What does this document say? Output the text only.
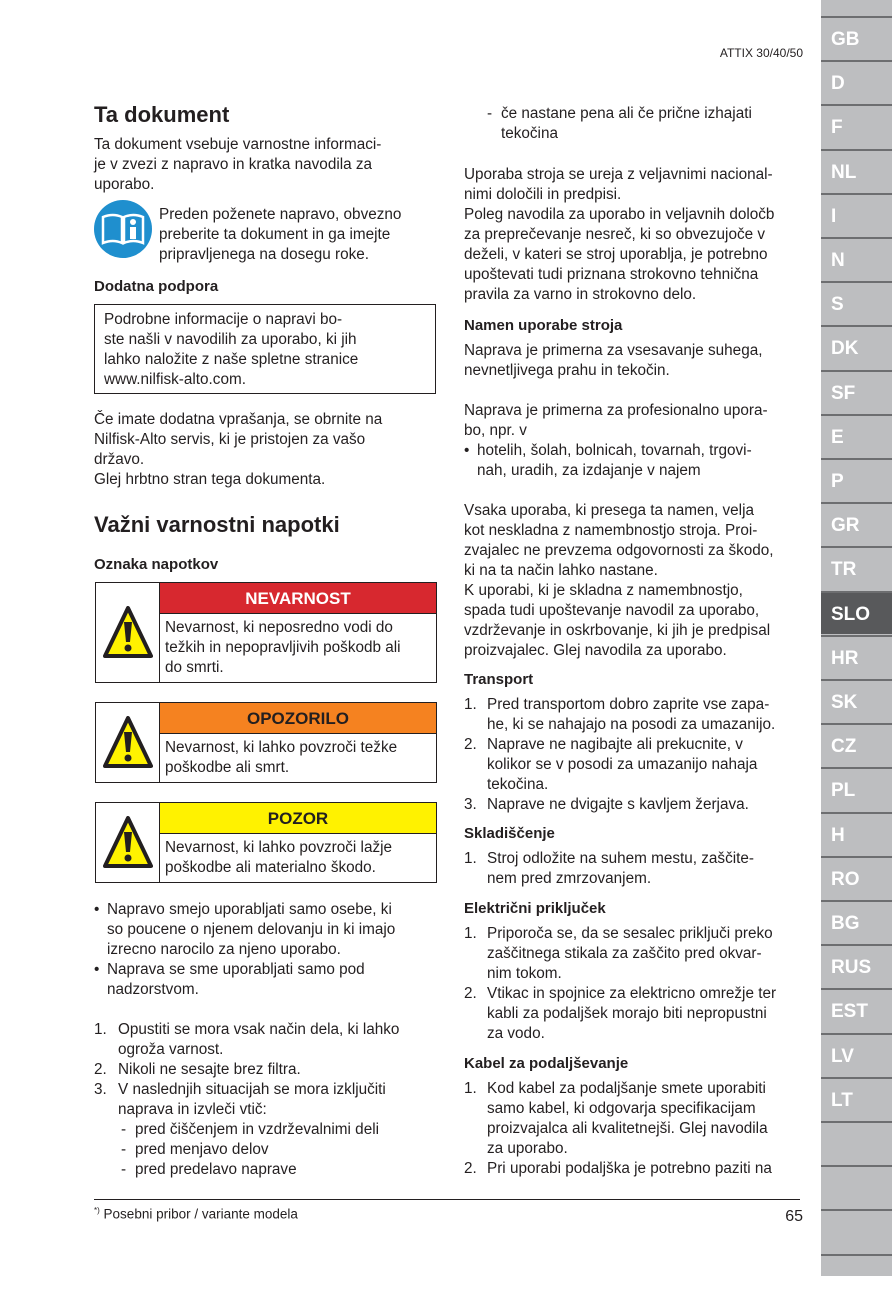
ATTIX 30/40/50
Ta dokument
Ta dokument vsebuje varnostne informaci-
je v zvezi z napravo in kratka navodila za
uporabo.
Preden poženete napravo, obvezno
preberite ta dokument in ga imejte
pripravljenega na dosegu roke.
Dodatna podpora
Podrobne informacije o napravi bo-
ste našli v navodilih za uporabo, ki jih
lahko naložite z naše spletne stranice
www.nilfisk-alto.com.
Če imate dodatna vprašanja, se obrnite na
Nilfisk-Alto servis, ki je pristojen za vašo
državo.
Glej hrbtno stran tega dokumenta.
Važni varnostni napotki
Oznaka napotkov
NEVARNOST
Nevarnost, ki neposredno vodi do
težkih in nepopravljivih poškodb ali
do smrti.
OPOZORILO
Nevarnost, ki lahko povzroči težke
poškodbe ali smrt.
POZOR
Nevarnost, ki lahko povzroči lažje
poškodbe ali materialno škodo.
• Napravo smejo uporabljati samo osebe, ki
so poucene o njenem delovanju in ki imajo
izrecno narocilo za njeno uporabo.
• Naprava se sme uporabljati samo pod
nadzorstvom.
1. Opustiti se mora vsak način dela, ki lahko
ogroža varnost.
2. Nikoli ne sesajte brez filtra.
3. V naslednjih situacijah se mora izključiti
naprava in izvleči vtič:
- pred čiščenjem in vzdrževalnimi deli
- pred menjavo delov
- pred predelavo naprave
- če nastane pena ali če prične izhajati
tekočina
Uporaba stroja se ureja z veljavnimi nacional-
nimi določili in predpisi.
Poleg navodila za uporabo in veljavnih določb
za preprečevanje nesreč, ki so obvezujoče v
deželi, v kateri se stroj uporablja, je potrebno
upoštevati tudi priznana strokovno tehnična
pravila za varno in strokovno delo.
Namen uporabe stroja
Naprava je primerna za vsesavanje suhega,
nevnetljivega prahu in tekočin.
Naprava je primerna za profesionalno upora-
bo, npr. v
• hotelih, šolah, bolnicah, tovarnah, trgovi-
nah, uradih, za izdajanje v najem
Vsaka uporaba, ki presega ta namen, velja
kot neskladna z namembnostjo stroja. Proi-
zvajalec ne prevzema odgovornosti za škodo,
ki na ta način lahko nastane.
K uporabi, ki je skladna z namembnostjo,
spada tudi upoštevanje navodil za uporabo,
vzdrževanje in oskrbovanje, ki jih je predpisal
proizvajalec. Glej navodila za uporabo.
Transport
1. Pred transportom dobro zaprite vse zapa-
he, ki se nahajajo na posodi za umazanijo.
2. Naprave ne nagibajte ali prekucnite, v
kolikor se v posodi za umazanijo nahaja
tekočina.
3. Naprave ne dvigajte s kavljem žerjava.
Skladiščenje
1. Stroj odložite na suhem mestu, zaščite-
nem pred zmrzovanjem.
Električni priključek
1. Priporoča se, da se sesalec priključi preko
zaščitnega stikala za zaščito pred okvar-
nim tokom.
2. Vtikac in spojnice za elektricno omrežje ter
kabli za podaljšek morajo biti nepropustni
za vodo.
Kabel za podaljševanje
1. Kod kabel za podaljšanje smete uporabiti
samo kabel, ki odgovarja specifikacijam
proizvajalca ali kvalitetnejši. Glej navodila
za uporabo.
2. Pri uporabi podaljška je potrebno paziti na
*) Posebni pribor / variante modela	65
GB
D
F
NL
I
N
S
DK
SF
E
P
GR
TR
SLO
HR
SK
CZ
PL
H
RO
BG
RUS
EST
LV
LT
